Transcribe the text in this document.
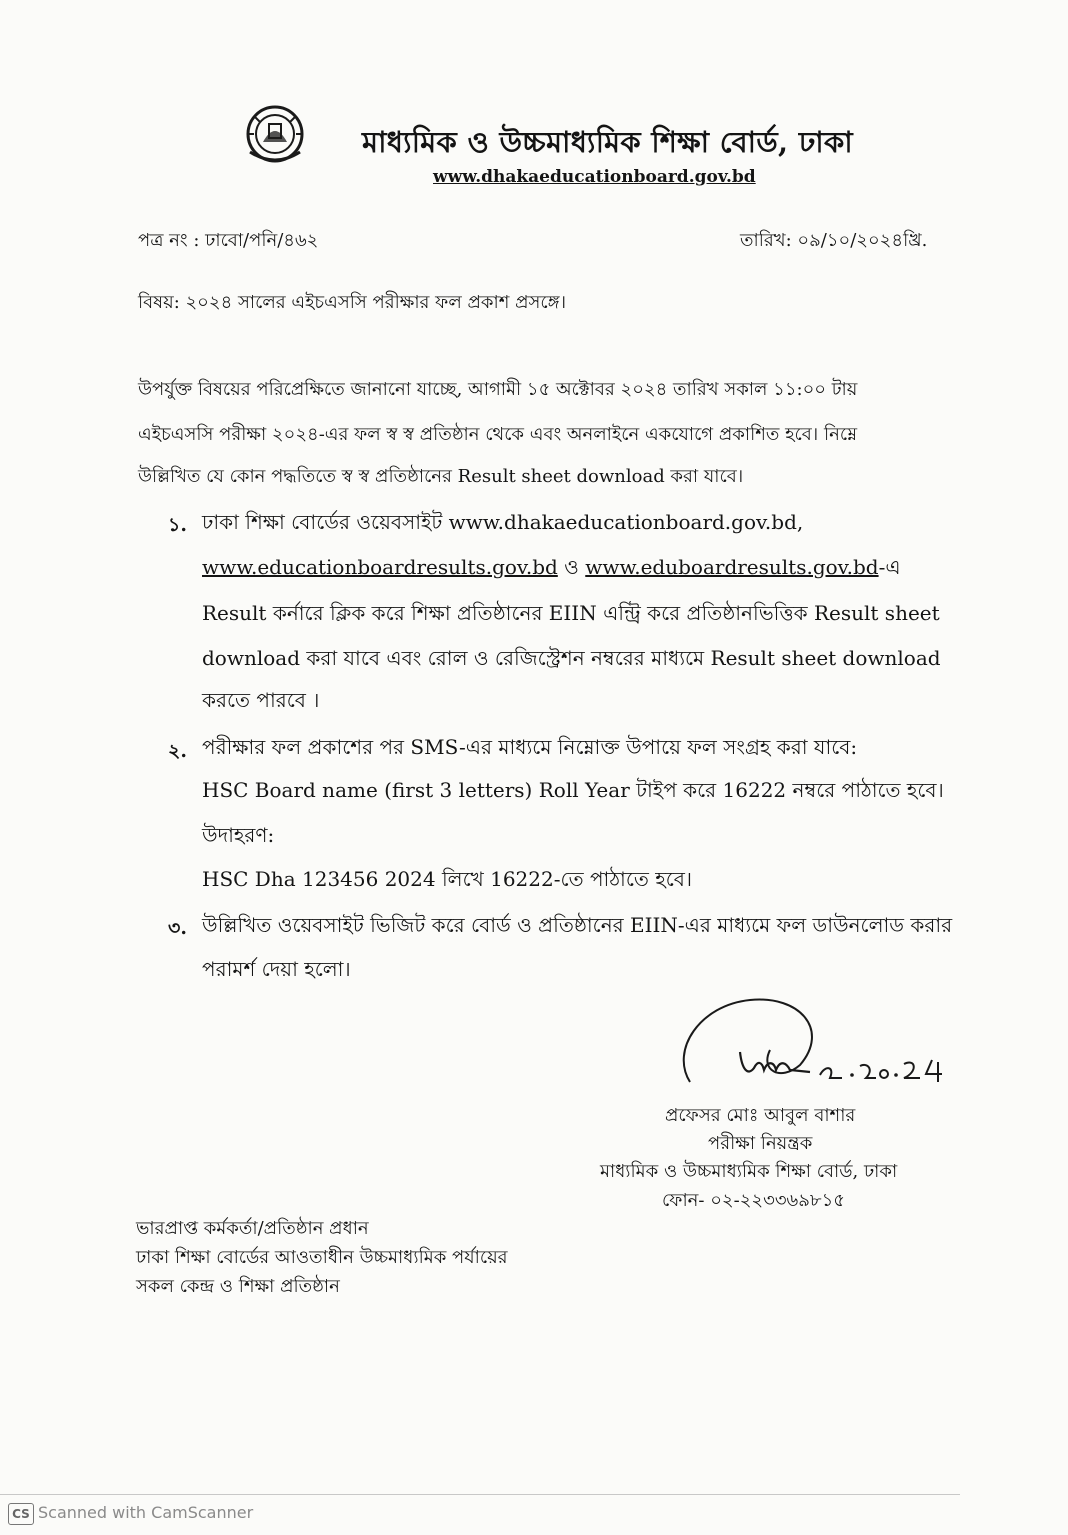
মাধ্যমিক ও উচ্চমাধ্যমিক শিক্ষা বোর্ড, ঢাকা
www.dhakaeducationboard.gov.bd
পত্র নং : ঢাবো/পনি/৪৬২	তারিখ: ০৯/১০/২০২৪খ্রি.
বিষয়: ২০২৪ সালের এইচএসসি পরীক্ষার ফল প্রকাশ প্রসঙ্গে।
উপর্যুক্ত বিষয়ের পরিপ্রেক্ষিতে জানানো যাচ্ছে, আগামী ১৫ অক্টোবর ২০২৪ তারিখ সকাল ১১:০০ টায়
এইচএসসি পরীক্ষা ২০২৪-এর ফল স্ব স্ব প্রতিষ্ঠান থেকে এবং অনলাইনে একযোগে প্রকাশিত হবে। নিম্নে
উল্লিখিত যে কোন পদ্ধতিতে স্ব স্ব প্রতিষ্ঠানের Result sheet download করা যাবে।
১. ঢাকা শিক্ষা বোর্ডের ওয়েবসাইট www.dhakaeducationboard.gov.bd,
www.educationboardresults.gov.bd ও www.eduboardresults.gov.bd-এ
Result কর্নারে ক্লিক করে শিক্ষা প্রতিষ্ঠানের EIIN এন্ট্রি করে প্রতিষ্ঠানভিত্তিক Result sheet
download করা যাবে এবং রোল ও রেজিস্ট্রেশন নম্বরের মাধ্যমে Result sheet download
করতে পারবে ।
২. পরীক্ষার ফল প্রকাশের পর SMS-এর মাধ্যমে নিম্নোক্ত উপায়ে ফল সংগ্রহ করা যাবে:
HSC Board name (first 3 letters) Roll Year টাইপ করে 16222 নম্বরে পাঠাতে হবে।
উদাহরণ:
HSC Dha 123456 2024 লিখে 16222-তে পাঠাতে হবে।
৩. উল্লিখিত ওয়েবসাইট ভিজিট করে বোর্ড ও প্রতিষ্ঠানের EIIN-এর মাধ্যমে ফল ডাউনলোড করার
পরামর্শ দেয়া হলো।
প্রফেসর মোঃ আবুল বাশার
পরীক্ষা নিয়ন্ত্রক
মাধ্যমিক ও উচ্চমাধ্যমিক শিক্ষা বোর্ড, ঢাকা
ফোন- ০২-২২৩৩৬৯৮১৫
ভারপ্রাপ্ত কর্মকর্তা/প্রতিষ্ঠান প্রধান
ঢাকা শিক্ষা বোর্ডের আওতাধীন উচ্চমাধ্যমিক পর্যায়ের
সকল কেন্দ্র ও শিক্ষা প্রতিষ্ঠান
CS Scanned with CamScanner
